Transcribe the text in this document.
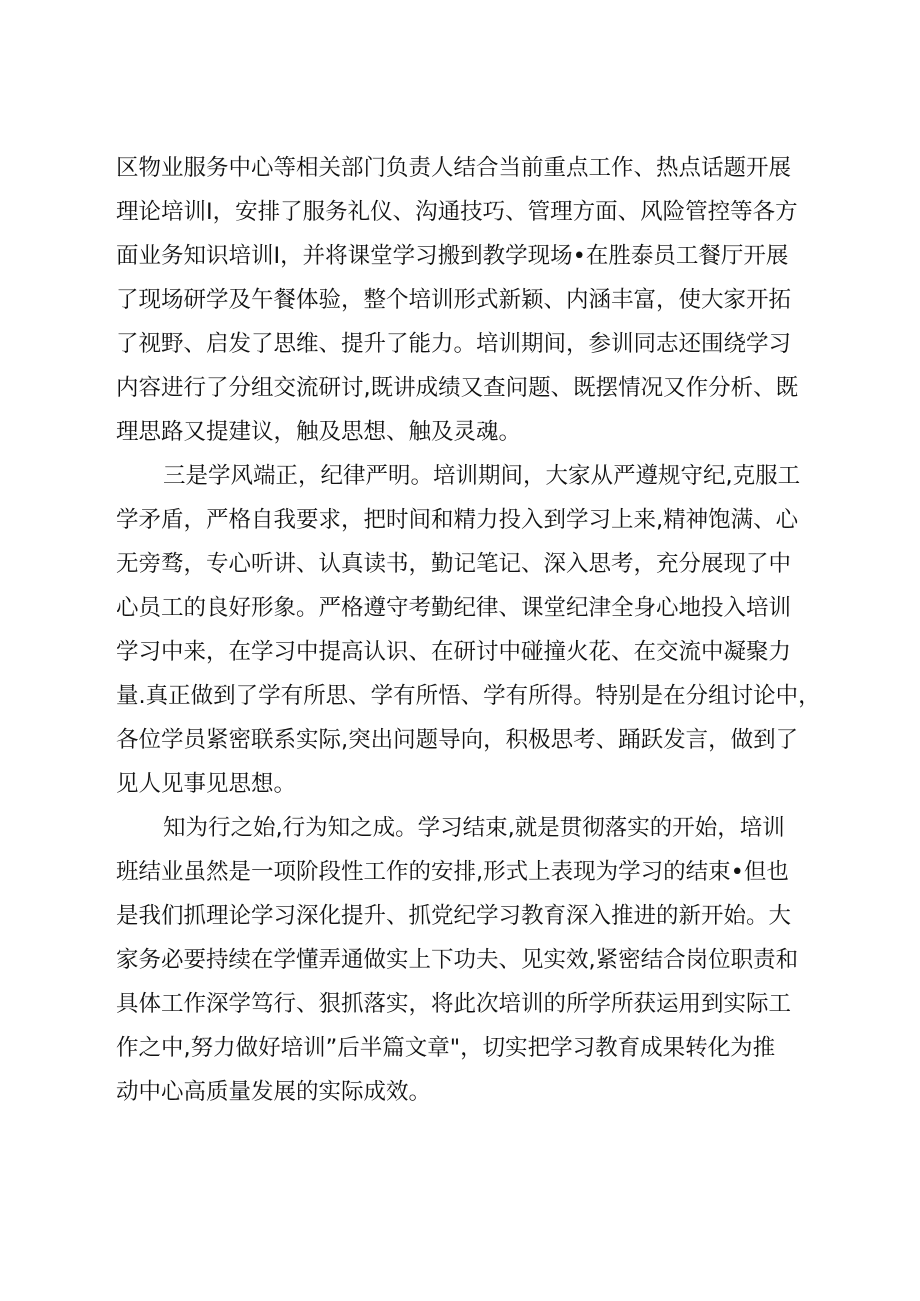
区物业服务中心等相关部门负责人结合当前重点工作、热点话题开展
理论培训I，安排了服务礼仪、沟通技巧、管理方面、风险管控等各方
面业务知识培训I，并将课堂学习搬到教学现场•在胜泰员工餐厅开展
了现场研学及午餐体验，整个培训形式新颖、内涵丰富，使大家开拓
了视野、启发了思维、提升了能力。培训期间，参训同志还围绕学习
内容进行了分组交流研讨,既讲成绩又查问题、既摆情况又作分析、既
理思路又提建议，触及思想、触及灵魂。

三是学风端正，纪律严明。培训期间，大家从严遵规守纪,克服工
学矛盾，严格自我要求，把时间和精力投入到学习上来,精神饱满、心
无旁骛，专心听讲、认真读书，勤记笔记、深入思考，充分展现了中
心员工的良好形象。严格遵守考勤纪律、课堂纪津全身心地投入培训
学习中来，在学习中提高认识、在研讨中碰撞火花、在交流中凝聚力
量.真正做到了学有所思、学有所悟、学有所得。特别是在分组讨论中，
各位学员紧密联系实际,突出问题导向，积极思考、踊跃发言，做到了
见人见事见思想。

知为行之始,行为知之成。学习结束,就是贯彻落实的开始，培训
班结业虽然是一项阶段性工作的安排,形式上表现为学习的结束•但也
是我们抓理论学习深化提升、抓党纪学习教育深入推进的新开始。大
家务必要持续在学懂弄通做实上下功夫、见实效,紧密结合岗位职责和
具体工作深学笃行、狠抓落实，将此次培训的所学所获运用到实际工
作之中,努力做好培训”后半篇文章"，切实把学习教育成果转化为推
动中心高质量发展的实际成效。
